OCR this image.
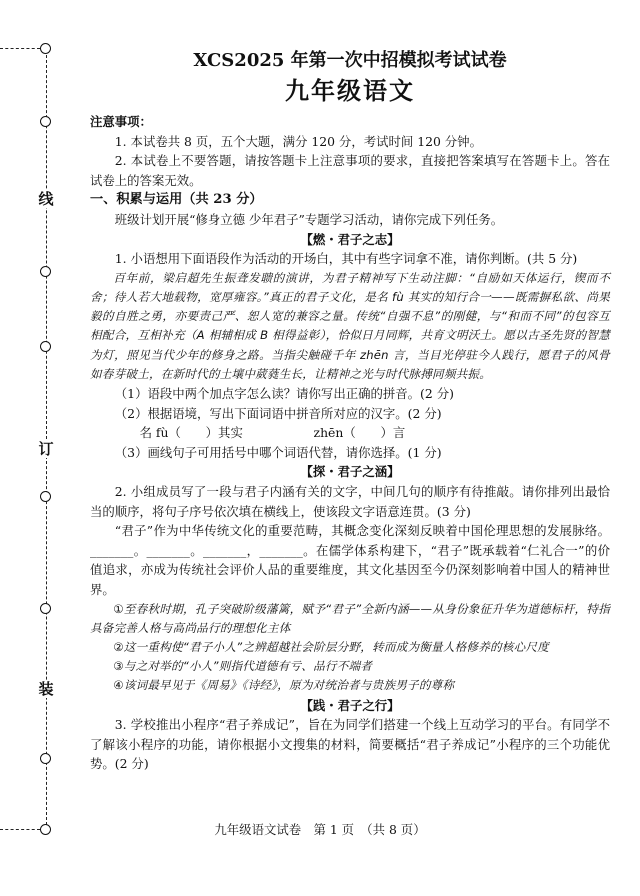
线
订
装
XCS2025 年第一次中招模拟考试试卷
九年级语文

注意事项：

1. 本试卷共 8 页，五个大题，满分 120 分，考试时间 120 分钟。

2. 本试卷上不要答题，请按答题卡上注意事项的要求，直接把答案填写在答题卡上。答在试卷上的答案无效。

一、积累与运用（共 23 分）

班级计划开展“修身立德 少年君子”专题学习活动，请你完成下列任务。

【燃・君子之志】

1. 小语想用下面语段作为活动的开场白，其中有些字词拿不准，请你判断。(共 5 分)

百年前，梁启超先生振聋发聩的演讲，为君子精神写下生动注脚：“自励如天体运行，锲而不舍；待人若大地载物，宽厚雍容。”真正的君子文化，是名 fù 其实的知行合一——既需摒私欲、尚果毅的自胜之勇，亦要责己严、恕人宽的兼容之量。传统“自强不息”的刚健，与“和而不同”的包容互相配合，互相补充（A 相辅相成 B 相得益彰），恰似日月同辉，共育文明沃土。愿以古圣先贤的智慧为灯，照见当代少年的修身之路。当指尖触碰千年 zhēn 言，当目光停驻今人践行，愿君子的风骨如春芽破土，在新时代的土壤中葳蕤生长，让精神之光与时代脉搏同频共振。

（1）语段中两个加点字怎么读？请你写出正确的拼音。(2 分)

（2）根据语境，写出下面词语中拼音所对应的汉字。(2 分)

名 fù（　　）其实	zhēn（　　）言

（3）画线句子可用括号中哪个词语代替，请你选择。(1 分)

【探・君子之涵】

2. 小组成员写了一段与君子内涵有关的文字，中间几句的顺序有待推敲。请你排列出最恰当的顺序，将句子序号依次填在横线上，使该段文字语意连贯。(3 分)

“君子”作为中华传统文化的重要范畴，其概念变化深刻反映着中国伦理思想的发展脉络。_______。_______。_______，_______。在儒学体系构建下，“君子”既承载着“仁礼合一”的价值追求，亦成为传统社会评价人品的重要维度，其文化基因至今仍深刻影响着中国人的精神世界。

①至春秋时期，孔子突破阶级藩篱，赋予“君子”全新内涵——从身份象征升华为道德标杆，特指具备完善人格与高尚品行的理想化主体

②这一重构使“君子小人”之辨超越社会阶层分野，转而成为衡量人格修养的核心尺度

③与之对举的“小人”则指代道德有亏、品行不端者

④该词最早见于《周易》《诗经》，原为对统治者与贵族男子的尊称

【践・君子之行】

3. 学校推出小程序“君子养成记”，旨在为同学们搭建一个线上互动学习的平台。有同学不了解该小程序的功能，请你根据小文搜集的材料，简要概括“君子养成记”小程序的三个功能优势。(2 分)

九年级语文试卷　第 1 页　（共 8 页）
